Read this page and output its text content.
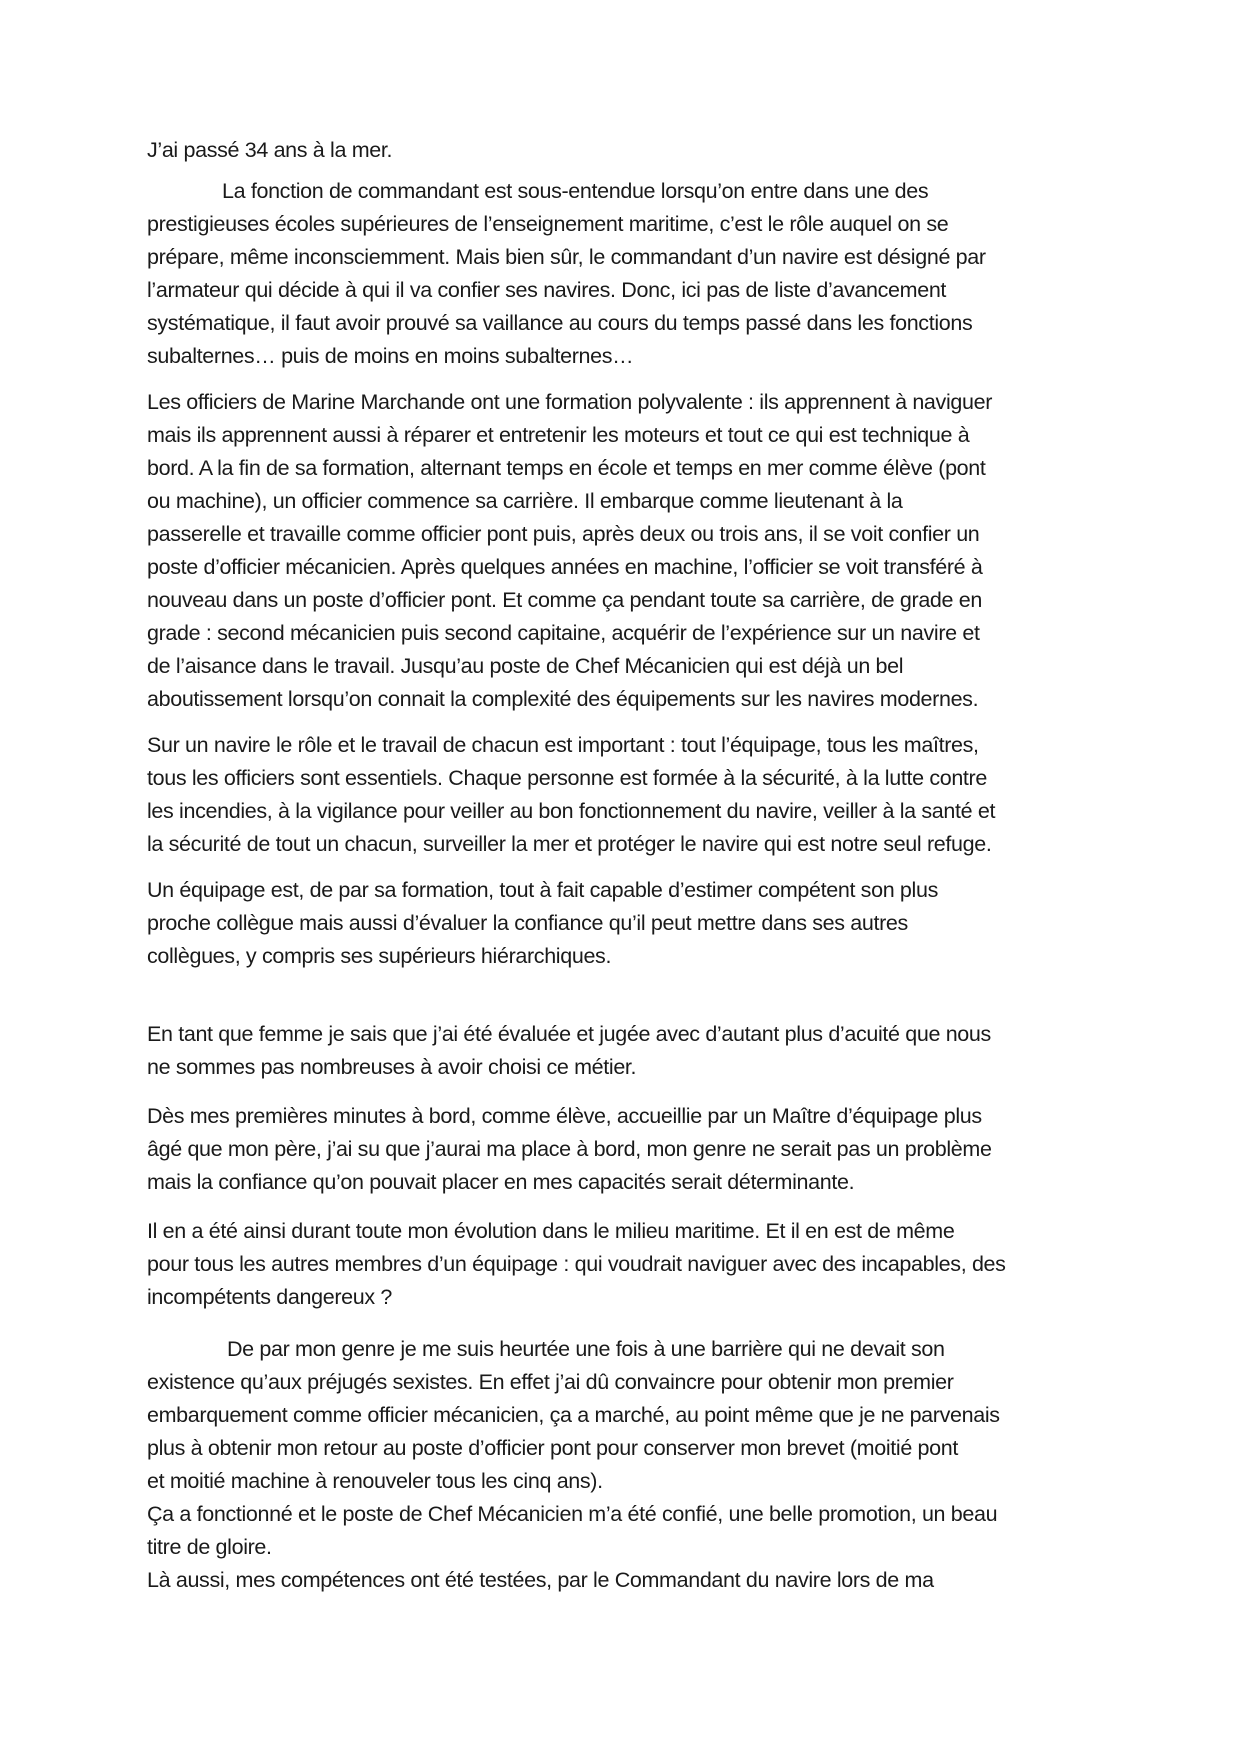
J’ai passé 34 ans à la mer.
La fonction de commandant est sous-entendue lorsqu’on entre dans une des
prestigieuses écoles supérieures de l’enseignement maritime, c’est le rôle auquel on se
prépare, même inconsciemment. Mais bien sûr, le commandant d’un navire est désigné par
l’armateur qui décide à qui il va confier ses navires. Donc, ici pas de liste d’avancement
systématique, il faut avoir prouvé sa vaillance au cours du temps passé dans les fonctions
subalternes… puis de moins en moins subalternes…
Les officiers de Marine Marchande ont une formation polyvalente : ils apprennent à naviguer
mais ils apprennent aussi à réparer et entretenir les moteurs et tout ce qui est technique à
bord. A la fin de sa formation, alternant temps en école et temps en mer comme élève (pont
ou machine), un officier commence sa carrière. Il embarque comme lieutenant à la
passerelle et travaille comme officier pont puis, après deux ou trois ans, il se voit confier un
poste d’officier mécanicien. Après quelques années en machine, l’officier se voit transféré à
nouveau dans un poste d’officier pont. Et comme ça pendant toute sa carrière, de grade en
grade : second mécanicien puis second capitaine, acquérir de l’expérience sur un navire et
de l’aisance dans le travail. Jusqu’au poste de Chef Mécanicien qui est déjà un bel
aboutissement lorsqu’on connait la complexité des équipements sur les navires modernes.
Sur un navire le rôle et le travail de chacun est important : tout l’équipage, tous les maîtres,
tous les officiers sont essentiels. Chaque personne est formée à la sécurité, à la lutte contre
les incendies, à la vigilance pour veiller au bon fonctionnement du navire, veiller à la santé et
la sécurité de tout un chacun, surveiller la mer et protéger le navire qui est notre seul refuge.
Un équipage est, de par sa formation, tout à fait capable d’estimer compétent son plus
proche collègue mais aussi d’évaluer la confiance qu’il peut mettre dans ses autres
collègues, y compris ses supérieurs hiérarchiques.
En tant que femme je sais que j’ai été évaluée et jugée avec d’autant plus d’acuité que nous
ne sommes pas nombreuses à avoir choisi ce métier.
Dès mes premières minutes à bord, comme élève, accueillie par un Maître d’équipage plus
âgé que mon père, j’ai su que j’aurai ma place à bord, mon genre ne serait pas un problème
mais la confiance qu’on pouvait placer en mes capacités serait déterminante.
Il en a été ainsi durant toute mon évolution dans le milieu maritime. Et il en est de même
pour tous les autres membres d’un équipage : qui voudrait naviguer avec des incapables, des
incompétents dangereux ?
De par mon genre je me suis heurtée une fois à une barrière qui ne devait son
existence qu’aux préjugés sexistes. En effet j’ai dû convaincre pour obtenir mon premier
embarquement comme officier mécanicien, ça a marché, au point même que je ne parvenais
plus à obtenir mon retour au poste d’officier pont pour conserver mon brevet (moitié pont
et moitié machine à renouveler tous les cinq ans).
Ça a fonctionné et le poste de Chef Mécanicien m’a été confié, une belle promotion, un beau
titre de gloire.
Là aussi, mes compétences ont été testées, par le Commandant du navire lors de ma
